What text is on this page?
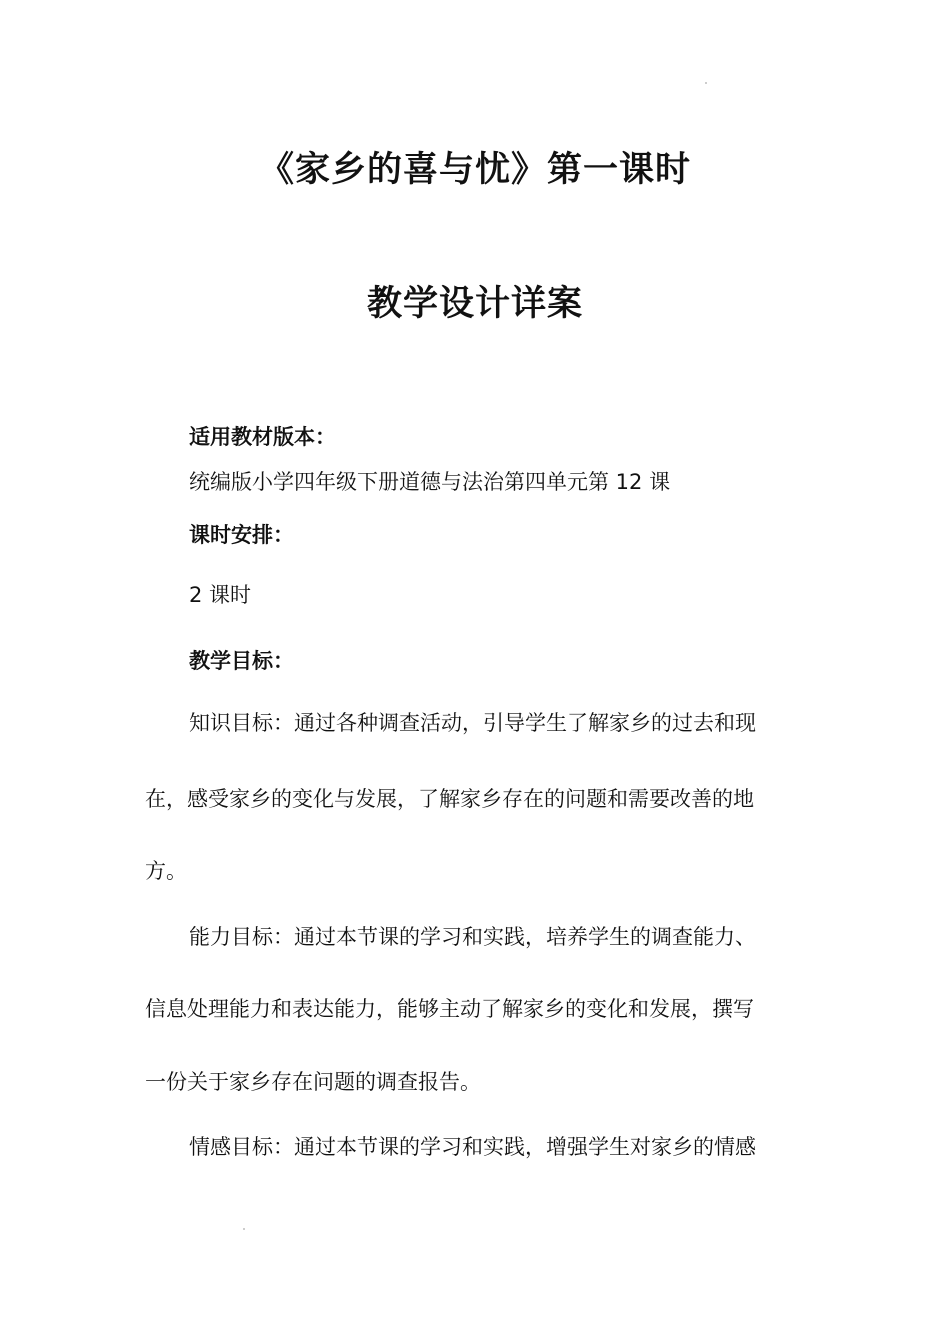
《家乡的喜与忧》第一课时
教学设计详案
适用教材版本：
统编版小学四年级下册道德与法治第四单元第 12 课
课时安排：
2 课时
教学目标：
知识目标：通过各种调查活动，引导学生了解家乡的过去和现
在，感受家乡的变化与发展，了解家乡存在的问题和需要改善的地
方。
能力目标：通过本节课的学习和实践，培养学生的调查能力、
信息处理能力和表达能力，能够主动了解家乡的变化和发展，撰写
一份关于家乡存在问题的调查报告。
情感目标：通过本节课的学习和实践，增强学生对家乡的情感
